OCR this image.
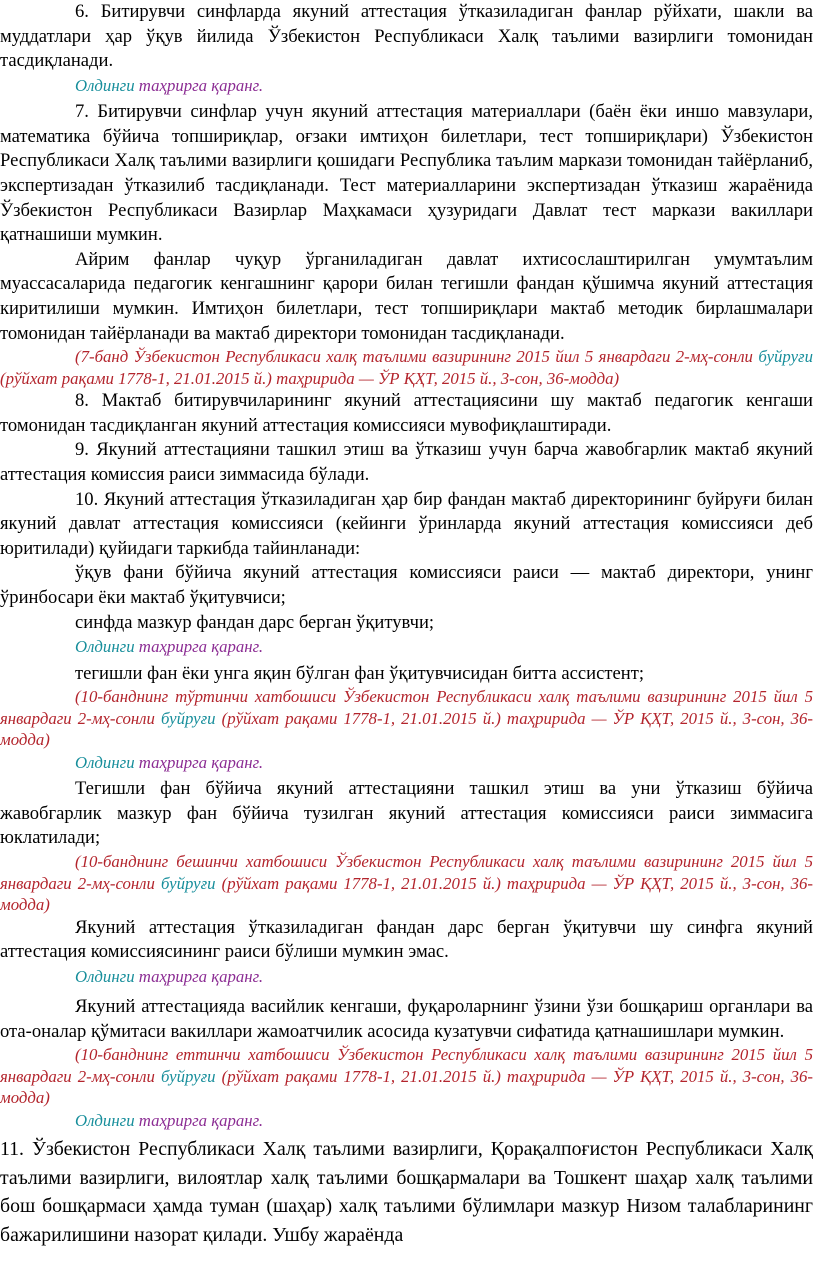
6. Битирувчи синфларда якуний аттестация ўтказиладиган фанлар рўйхати, шакли ва муддатлари ҳар ўқув йилида Ўзбекистон Республикаси Халқ таълими вазирлиги томонидан тасдиқланади.

Олдинги таҳрирга қаранг.

7. Битирувчи синфлар учун якуний аттестация материаллари (баён ёки иншо мавзулари, математика бўйича топшириқлар, оғзаки имтиҳон билетлари, тест топшириқлари) Ўзбекистон Республикаси Халқ таълими вазирлиги қошидаги Республика таълим маркази томонидан тайёрланиб, экспертизадан ўтказилиб тасдиқланади. Тест материалларини экспертизадан ўтказиш жараёнида Ўзбекистон Республикаси Вазирлар Маҳкамаси ҳузуридаги Давлат тест маркази вакиллари қатнашиши мумкин.

Айрим фанлар чуқур ўрганиладиган давлат ихтисослаштирилган умумтаълим муассасаларида педагогик кенгашнинг қарори билан тегишли фандан қўшимча якуний аттестация киритилиши мумкин. Имтиҳон билетлари, тест топшириқлари мактаб методик бирлашмалари томонидан тайёрланади ва мактаб директори томонидан тасдиқланади.

(7-банд Ўзбекистон Республикаси халқ таълими вазирининг 2015 йил 5 январдаги 2-мҳ-сонли буйруғи (рўйхат рақами 1778-1, 21.01.2015 й.) таҳририда — ЎР ҚҲТ, 2015 й., 3-сон, 36-модда)

8. Мактаб битирувчиларининг якуний аттестациясини шу мактаб педагогик кенгаши томонидан тасдиқланган якуний аттестация комиссияси мувофиқлаштиради.

9. Якуний аттестацияни ташкил этиш ва ўтказиш учун барча жавобгарлик мактаб якуний аттестация комиссия раиси зиммасида бўлади.

10. Якуний аттестация ўтказиладиган ҳар бир фандан мактаб директорининг буйруғи билан якуний давлат аттестация комиссияси (кейинги ўринларда якуний аттестация комиссияси деб юритилади) қуйидаги таркибда тайинланади:

ўқув фани бўйича якуний аттестация комиссияси раиси — мактаб директори, унинг ўринбосари ёки мактаб ўқитувчиси;

синфда мазкур фандан дарс берган ўқитувчи;

Олдинги таҳрирга қаранг.

тегишли фан ёки унга яқин бўлган фан ўқитувчисидан битта ассистент;

(10-банднинг тўртинчи хатбошиси Ўзбекистон Республикаси халқ таълими вазирининг 2015 йил 5 январдаги 2-мҳ-сонли буйруғи (рўйхат рақами 1778-1, 21.01.2015 й.) таҳририда — ЎР ҚҲТ, 2015 й., 3-сон, 36-модда)

Олдинги таҳрирга қаранг.

Тегишли фан бўйича якуний аттестацияни ташкил этиш ва уни ўтказиш бўйича жавобгарлик мазкур фан бўйича тузилган якуний аттестация комиссияси раиси зиммасига юклатилади;

(10-банднинг бешинчи хатбошиси Ўзбекистон Республикаси халқ таълими вазирининг 2015 йил 5 январдаги 2-мҳ-сонли буйруғи (рўйхат рақами 1778-1, 21.01.2015 й.) таҳририда — ЎР ҚҲТ, 2015 й., 3-сон, 36-модда)

Якуний аттестация ўтказиладиган фандан дарс берган ўқитувчи шу синфга якуний аттестация комиссиясининг раиси бўлиши мумкин эмас.

Олдинги таҳрирга қаранг.

Якуний аттестацияда васийлик кенгаши, фуқароларнинг ўзини ўзи бошқариш органлари ва ота-оналар қўмитаси вакиллари жамоатчилик асосида кузатувчи сифатида қатнашишлари мумкин.

(10-банднинг еттинчи хатбошиси Ўзбекистон Республикаси халқ таълими вазирининг 2015 йил 5 январдаги 2-мҳ-сонли буйруғи (рўйхат рақами 1778-1, 21.01.2015 й.) таҳририда — ЎР ҚҲТ, 2015 й., 3-сон, 36-модда)

Олдинги таҳрирга қаранг.

11. Ўзбекистон Республикаси Халқ таълими вазирлиги, Қорақалпоғистон Республикаси Халқ таълими вазирлиги, вилоятлар халқ таълими бошқармалари ва Тошкент шаҳар халқ таълими бош бошқармаси ҳамда туман (шаҳар) халқ таълими бўлимлари мазкур Низом талабларининг бажарилишини назорат қилади. Ушбу жараёнда
